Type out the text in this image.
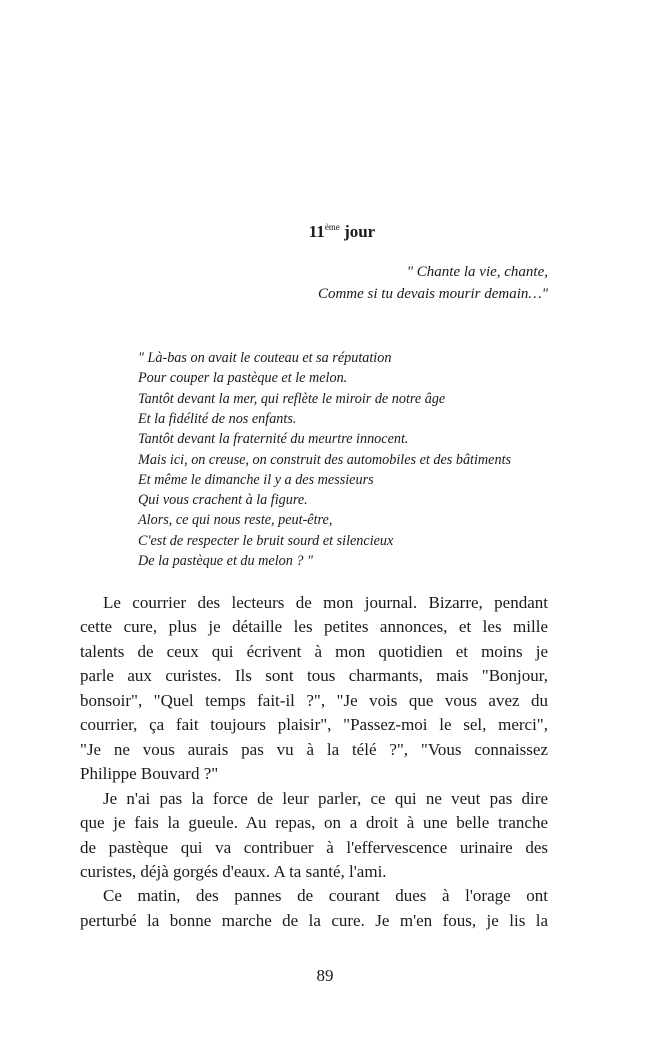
11ème jour
" Chante la vie, chante,
Comme si tu devais mourir demain…"
" Là-bas on avait le couteau et sa réputation
Pour couper la pastèque et le melon.
Tantôt devant la mer, qui reflète le miroir de notre âge
Et la fidélité de nos enfants.
Tantôt devant la fraternité du meurtre innocent.
Mais ici, on creuse, on construit des automobiles et des bâtiments
Et même le dimanche il y a des messieurs
Qui vous crachent à la figure.
Alors, ce qui nous reste, peut-être,
C'est de respecter le bruit sourd et silencieux
De la pastèque et du melon ? "
Le courrier des lecteurs de mon journal. Bizarre, pendant
cette cure, plus je détaille les petites annonces, et les mille
talents de ceux qui écrivent à mon quotidien et moins je
parle aux curistes. Ils sont tous charmants, mais "Bonjour,
bonsoir", "Quel temps fait-il ?", "Je vois que vous avez du
courrier, ça fait toujours plaisir", "Passez-moi le sel, merci",
"Je ne vous aurais pas vu à la télé ?", "Vous connaissez
Philippe Bouvard ?"
Je n'ai pas la force de leur parler, ce qui ne veut pas dire
que je fais la gueule. Au repas, on a droit à une belle tranche
de pastèque qui va contribuer à l'effervescence urinaire des
curistes, déjà gorgés d'eaux. A ta santé, l'ami.
Ce matin, des pannes de courant dues à l'orage ont
perturbé la bonne marche de la cure. Je m'en fous, je lis la
89
